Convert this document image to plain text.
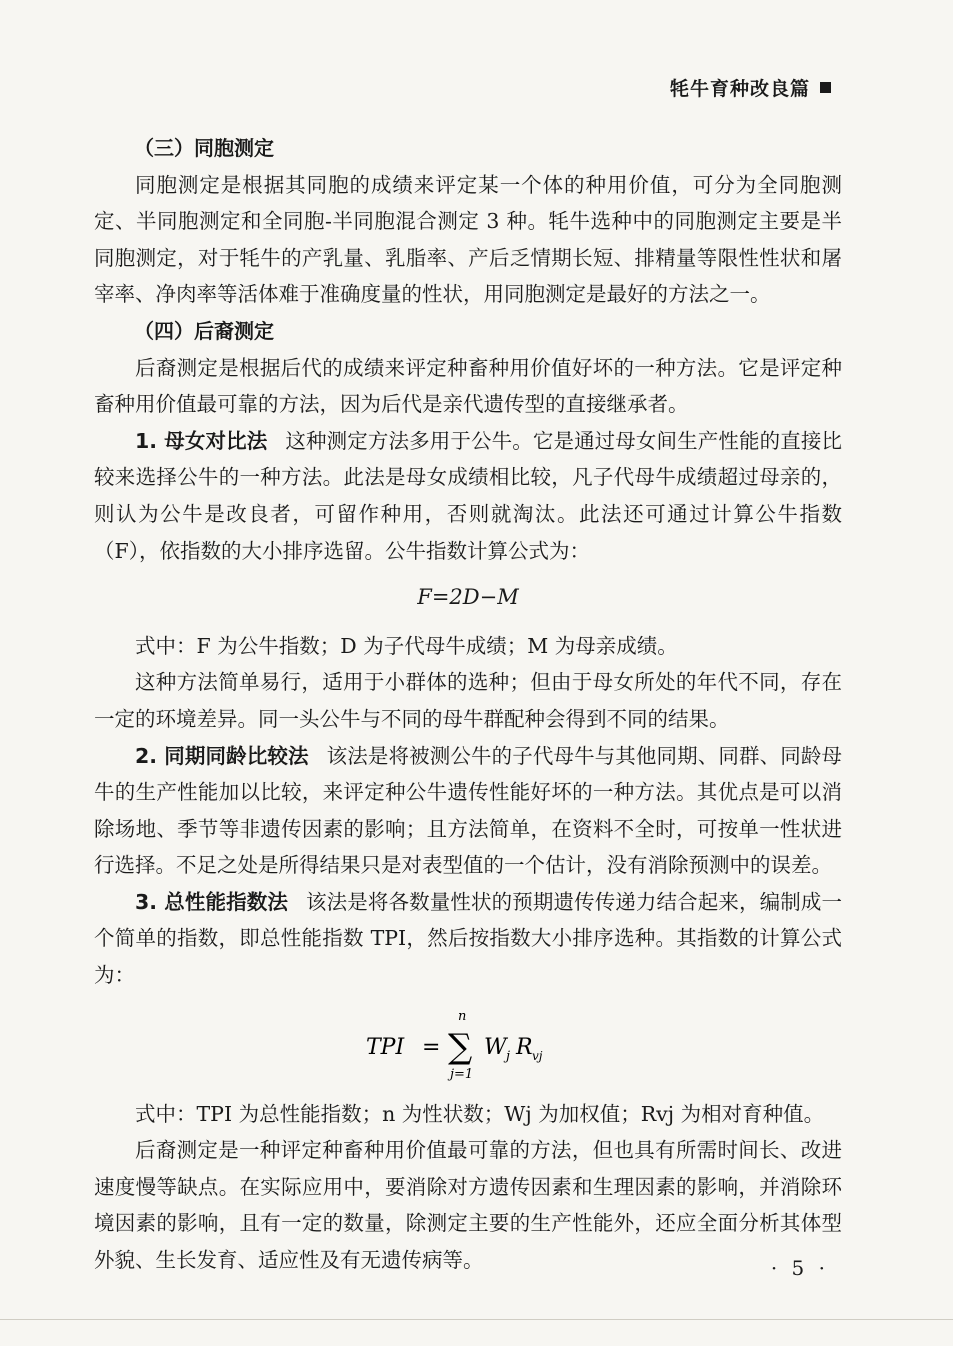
牦牛育种改良篇

（三）同胞测定

同胞测定是根据其同胞的成绩来评定某一个体的种用价值，可分为全同胞测定、半同胞测定和全同胞-半同胞混合测定 3 种。牦牛选种中的同胞测定主要是半同胞测定，对于牦牛的产乳量、乳脂率、产后乏情期长短、排精量等限性性状和屠宰率、净肉率等活体难于准确度量的性状，用同胞测定是最好的方法之一。

（四）后裔测定

后裔测定是根据后代的成绩来评定种畜种用价值好坏的一种方法。它是评定种畜种用价值最可靠的方法，因为后代是亲代遗传型的直接继承者。

1. 母女对比法 这种测定方法多用于公牛。它是通过母女间生产性能的直接比较来选择公牛的一种方法。此法是母女成绩相比较，凡子代母牛成绩超过母亲的，则认为公牛是改良者，可留作种用，否则就淘汰。此法还可通过计算公牛指数（F），依指数的大小排序选留。公牛指数计算公式为：

F=2D−M

式中：F 为公牛指数；D 为子代母牛成绩；M 为母亲成绩。

这种方法简单易行，适用于小群体的选种；但由于母女所处的年代不同，存在一定的环境差异。同一头公牛与不同的母牛群配种会得到不同的结果。

2. 同期同龄比较法 该法是将被测公牛的子代母牛与其他同期、同群、同龄母牛的生产性能加以比较，来评定种公牛遗传性能好坏的一种方法。其优点是可以消除场地、季节等非遗传因素的影响；且方法简单，在资料不全时，可按单一性状进行选择。不足之处是所得结果只是对表型值的一个估计，没有消除预测中的误差。

3. 总性能指数法 该法是将各数量性状的预期遗传传递力结合起来，编制成一个简单的指数，即总性能指数 TPI，然后按指数大小排序选种。其指数的计算公式为：

TPI = ∑
n
j=1
W j R vj

式中：TPI 为总性能指数；n 为性状数；Wj 为加权值；Rvj 为相对育种值。

后裔测定是一种评定种畜种用价值最可靠的方法，但也具有所需时间长、改进速度慢等缺点。在实际应用中，要消除对方遗传因素和生理因素的影响，并消除环境因素的影响，且有一定的数量，除测定主要的生产性能外，还应全面分析其体型外貌、生长发育、适应性及有无遗传病等。	· 5 ·
